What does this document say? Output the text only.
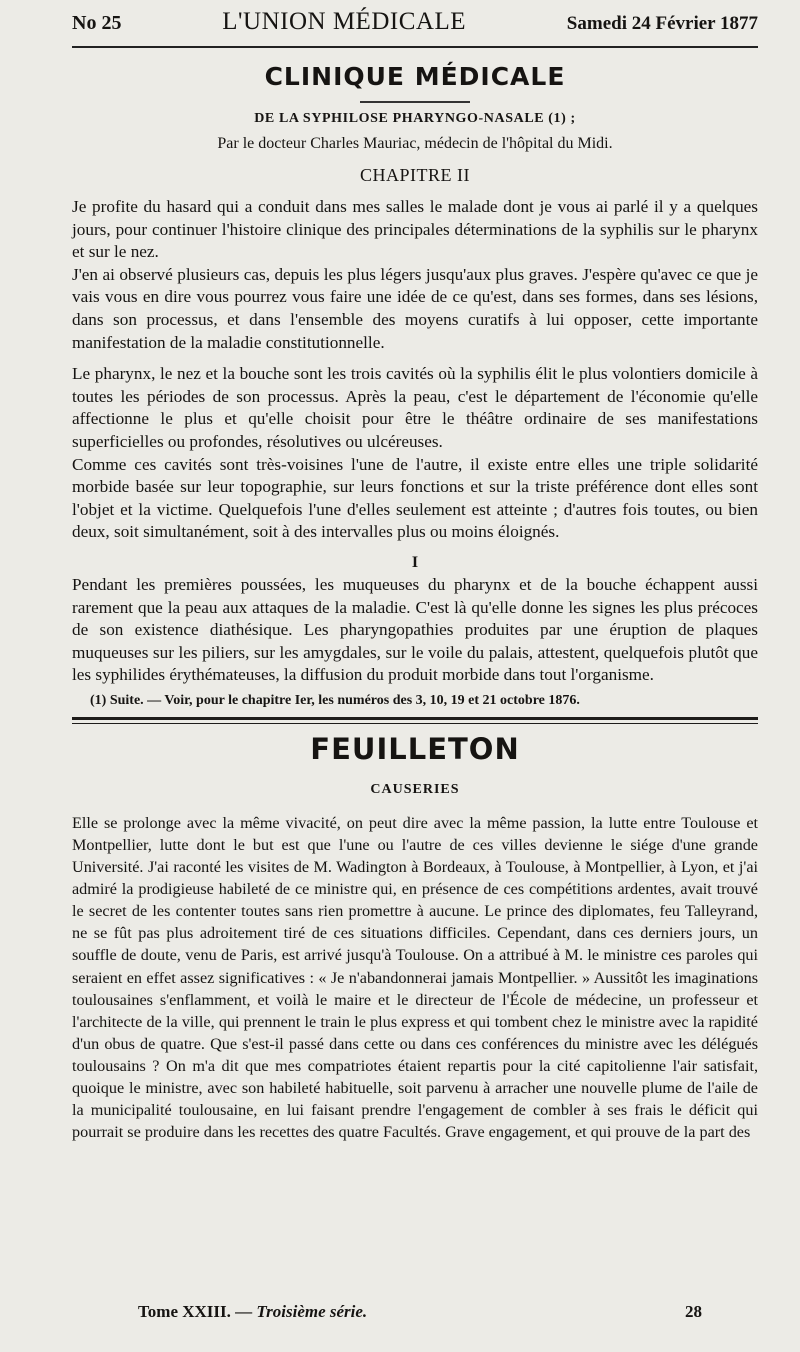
No 25	L'UNION MÉDICALE	Samedi 24 Février 1877
CLINIQUE MÉDICALE
DE LA SYPHILOSE PHARYNGO-NASALE (1) ;
Par le docteur Charles Mauriac, médecin de l'hôpital du Midi.
CHAPITRE II

Je profite du hasard qui a conduit dans mes salles le malade dont je vous ai parlé il y a quelques jours, pour continuer l'histoire clinique des principales déterminations de la syphilis sur le pharynx et sur le nez.

J'en ai observé plusieurs cas, depuis les plus légers jusqu'aux plus graves. J'espère qu'avec ce que je vais vous en dire vous pourrez vous faire une idée de ce qu'est, dans ses formes, dans ses lésions, dans son processus, et dans l'ensemble des moyens curatifs à lui opposer, cette importante manifestation de la maladie constitutionnelle.

Le pharynx, le nez et la bouche sont les trois cavités où la syphilis élit le plus volontiers domicile à toutes les périodes de son processus. Après la peau, c'est le département de l'économie qu'elle affectionne le plus et qu'elle choisit pour être le théâtre ordinaire de ses manifestations superficielles ou profondes, résolutives ou ulcéreuses.

Comme ces cavités sont très-voisines l'une de l'autre, il existe entre elles une triple solidarité morbide basée sur leur topographie, sur leurs fonctions et sur la triste préférence dont elles sont l'objet et la victime. Quelquefois l'une d'elles seulement est atteinte ; d'autres fois toutes, ou bien deux, soit simultanément, soit à des intervalles plus ou moins éloignés.

I

Pendant les premières poussées, les muqueuses du pharynx et de la bouche échappent aussi rarement que la peau aux attaques de la maladie. C'est là qu'elle donne les signes les plus précoces de son existence diathésique. Les pharyngopathies produites par une éruption de plaques muqueuses sur les piliers, sur les amygdales, sur le voile du palais, attestent, quelquefois plutôt que les syphilides érythémateuses, la diffusion du produit morbide dans tout l'organisme.

(1) Suite. — Voir, pour le chapitre Ier, les numéros des 3, 10, 19 et 21 octobre 1876.
FEUILLETON
CAUSERIES

Elle se prolonge avec la même vivacité, on peut dire avec la même passion, la lutte entre Toulouse et Montpellier, lutte dont le but est que l'une ou l'autre de ces villes devienne le siége d'une grande Université. J'ai raconté les visites de M. Wadington à Bordeaux, à Toulouse, à Montpellier, à Lyon, et j'ai admiré la prodigieuse habileté de ce ministre qui, en présence de ces compétitions ardentes, avait trouvé le secret de les contenter toutes sans rien promettre à aucune. Le prince des diplomates, feu Talleyrand, ne se fût pas plus adroitement tiré de ces situations difficiles. Cependant, dans ces derniers jours, un souffle de doute, venu de Paris, est arrivé jusqu'à Toulouse. On a attribué à M. le ministre ces paroles qui seraient en effet assez significatives : « Je n'abandonnerai jamais Montpellier. » Aussitôt les imaginations toulousaines s'enflamment, et voilà le maire et le directeur de l'École de médecine, un professeur et l'architecte de la ville, qui prennent le train le plus express et qui tombent chez le ministre avec la rapidité d'un obus de quatre. Que s'est-il passé dans cette ou dans ces conférences du ministre avec les délégués toulousains ? On m'a dit que mes compatriotes étaient repartis pour la cité capitolienne l'air satisfait, quoique le ministre, avec son habileté habituelle, soit parvenu à arracher une nouvelle plume de l'aile de la municipalité toulousaine, en lui faisant prendre l'engagement de combler à ses frais le déficit qui pourrait se produire dans les recettes des quatre Facultés. Grave engagement, et qui prouve de la part des

Tome XXIII. — Troisième série.	28
